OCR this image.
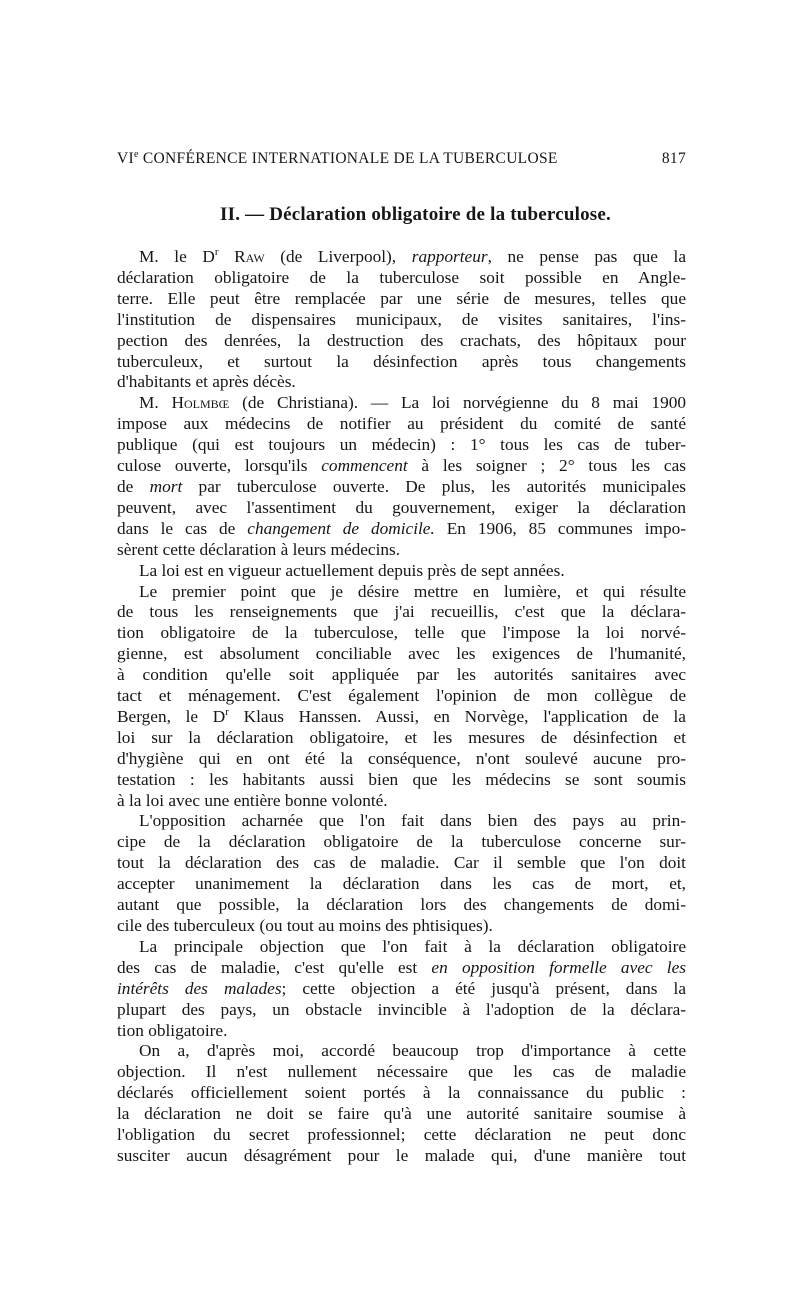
VIe CONFÉRENCE INTERNATIONALE DE LA TUBERCULOSE	817
II. — Déclaration obligatoire de la tuberculose.

M. le $D^r$ Raw (de Liverpool), rapporteur, ne pense pas que la
déclaration obligatoire de la tuberculose soit possible en Angle-
terre. Elle peut être remplacée par une série de mesures, telles que
l'institution de dispensaires municipaux, de visites sanitaires, l'ins-
pection des denrées, la destruction des crachats, des hôpitaux pour
tuberculeux, et surtout la désinfection après tous changements
d'habitants et après décès.

M. Holmbœ (de Christiana). — La loi norvégienne du 8 mai 1900
impose aux médecins de notifier au président du comité de santé
publique (qui est toujours un médecin) : 1° tous les cas de tuber-
culose ouverte, lorsqu'ils commencent à les soigner ; 2° tous les cas
de mort par tuberculose ouverte. De plus, les autorités municipales
peuvent, avec l'assentiment du gouvernement, exiger la déclaration
dans le cas de changement de domicile. En 1906, 85 communes impo-
sèrent cette déclaration à leurs médecins.

La loi est en vigueur actuellement depuis près de sept années.

Le premier point que je désire mettre en lumière, et qui résulte
de tous les renseignements que j'ai recueillis, c'est que la déclara-
tion obligatoire de la tuberculose, telle que l'impose la loi norvé-
gienne, est absolument conciliable avec les exigences de l'humanité,
à condition qu'elle soit appliquée par les autorités sanitaires avec
tact et ménagement. C'est également l'opinion de mon collègue de
Bergen, le $D^r$ Klaus Hanssen. Aussi, en Norvège, l'application de la
loi sur la déclaration obligatoire, et les mesures de désinfection et
d'hygiène qui en ont été la conséquence, n'ont soulevé aucune pro-
testation : les habitants aussi bien que les médecins se sont soumis
à la loi avec une entière bonne volonté.

L'opposition acharnée que l'on fait dans bien des pays au prin-
cipe de la déclaration obligatoire de la tuberculose concerne sur-
tout la déclaration des cas de maladie. Car il semble que l'on doit
accepter unanimement la déclaration dans les cas de mort, et,
autant que possible, la déclaration lors des changements de domi-
cile des tuberculeux (ou tout au moins des phtisiques).

La principale objection que l'on fait à la déclaration obligatoire
des cas de maladie, c'est qu'elle est en opposition formelle avec les
intérêts des malades; cette objection a été jusqu'à présent, dans la
plupart des pays, un obstacle invincible à l'adoption de la déclara-
tion obligatoire.

On a, d'après moi, accordé beaucoup trop d'importance à cette
objection. Il n'est nullement nécessaire que les cas de maladie
déclarés officiellement soient portés à la connaissance du public :
la déclaration ne doit se faire qu'à une autorité sanitaire soumise à
l'obligation du secret professionnel; cette déclaration ne peut donc
susciter aucun désagrément pour le malade qui, d'une manière tout
